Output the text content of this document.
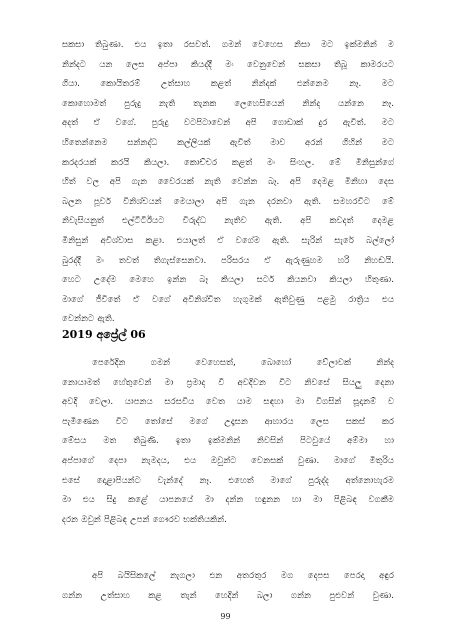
සකසා තිබුණා. එය ඉතා රසවත්. ගමන් වෙහෙස නිසා මට ඉක්මනින් ම
නින්දට යන ලෙස අප්පා කියද්දී මං වෙනුවෙන් සකසා තිබූ කාමරයට
ගියා. කොයිතරම් උත්සාහ කළත් නින්දක් එන්නෙම නෑ. මට
කොහොමත් පුරුදු නැති තැනක ලෙහෙසියෙන් නින්ද යන්නෙ නෑ.
අදත් ඒ වගේ. පුරුදු වටපිටාවෙන් අපි ගොඩාක් දුර ඇවිත්. මට
හිතෙන්නෙම සන්නද්ධ කල්ලියක් ඇවිත් මාව අරන් ගිහින් මට
කරදරයක් කරයි කියලා. කොච්චර කළත් මං සිංහල. මේ මිනිසුන්ගේ
හිත් වල අපි ගැන වෛරයක් නැති වෙන්න බෑ. අපි දෙමළ මිනිහා දෙස
බලන පූර්ව විනිශ්චයන් මෙයාලා අපි ගැන දරනවා ඇති. සමහරවිට මේ
නිවැසියනුත් එල්ටීටීඊයට විරුද්ධ නැතිව ඇති. අපි කවදත් දෙමළ
මිනිසුන් අවිශ්වාස කළා. එයාලත් ඒ වගේම ඇති. සැරින් සැරේ බල්ලෝ
බුරද්දී මං තවත් තිගැස්සෙනවා. පරිසරය ඒ ඇරුණුහම හරි නිහඬයි.
හෙට උදේම මෙහෙ ඉන්න බෑ කියලා සර්ට කියනවා කියලා හිතුණා.
මාගේ ජීවිතේ ඒ වගේ අවිනිශ්චිත හැගුමක් ඇතිවුණු පළමු රාත්‍රිය එය
වෙන්නට ඇති.
2019 අප්‍රේල් 06
පෙරේදින ගමන් වෙහෙසත්, බොහෝ වේලාවක් නින්ද
නොයාමත් හේතුවෙන් මා ප්‍රමාද වී අවදිවන විට නිවසේ සියලු දෙනා
අවදි වෙලා. යාපනය සරසවිය වෙත යාම සඳහා මා විගසින් සූදානම් ව
පැමිණෙන විට තෝසේ මගේ උදෑසන ආහාරය ලෙස සකස් කර
මේසය මත තිබුණි. ඉතා ඉක්මනින් නිවසින් පිටවුයේ අම්මා හා
අප්පාගේ දෙපා නැමදය, එය ඔවුන්ට වෙනසක් වුණා. මාගේ මිතුරිය
එසේ දොළාපියන්ට වැන්දේ නෑ. එහෙත් මාගේ පුරුද්ද අත්නොහැරම
මා එය සිදු කළේ යාපනයේ මා දන්න හඳුනන හා මා පිළිබඳ වගකීම
දරන ඔවුන් පිළිබඳ උපන් ගෞරව භක්තියකින්.
අපි බයිසිකලේ නැගලා එන අතරතුර මග දෙපස පෙරදා අඳුර
ගන්න උත්සාහ කළ තැන් හෙදින් බලා ගන්න පුළුවන් වුණා.
99
